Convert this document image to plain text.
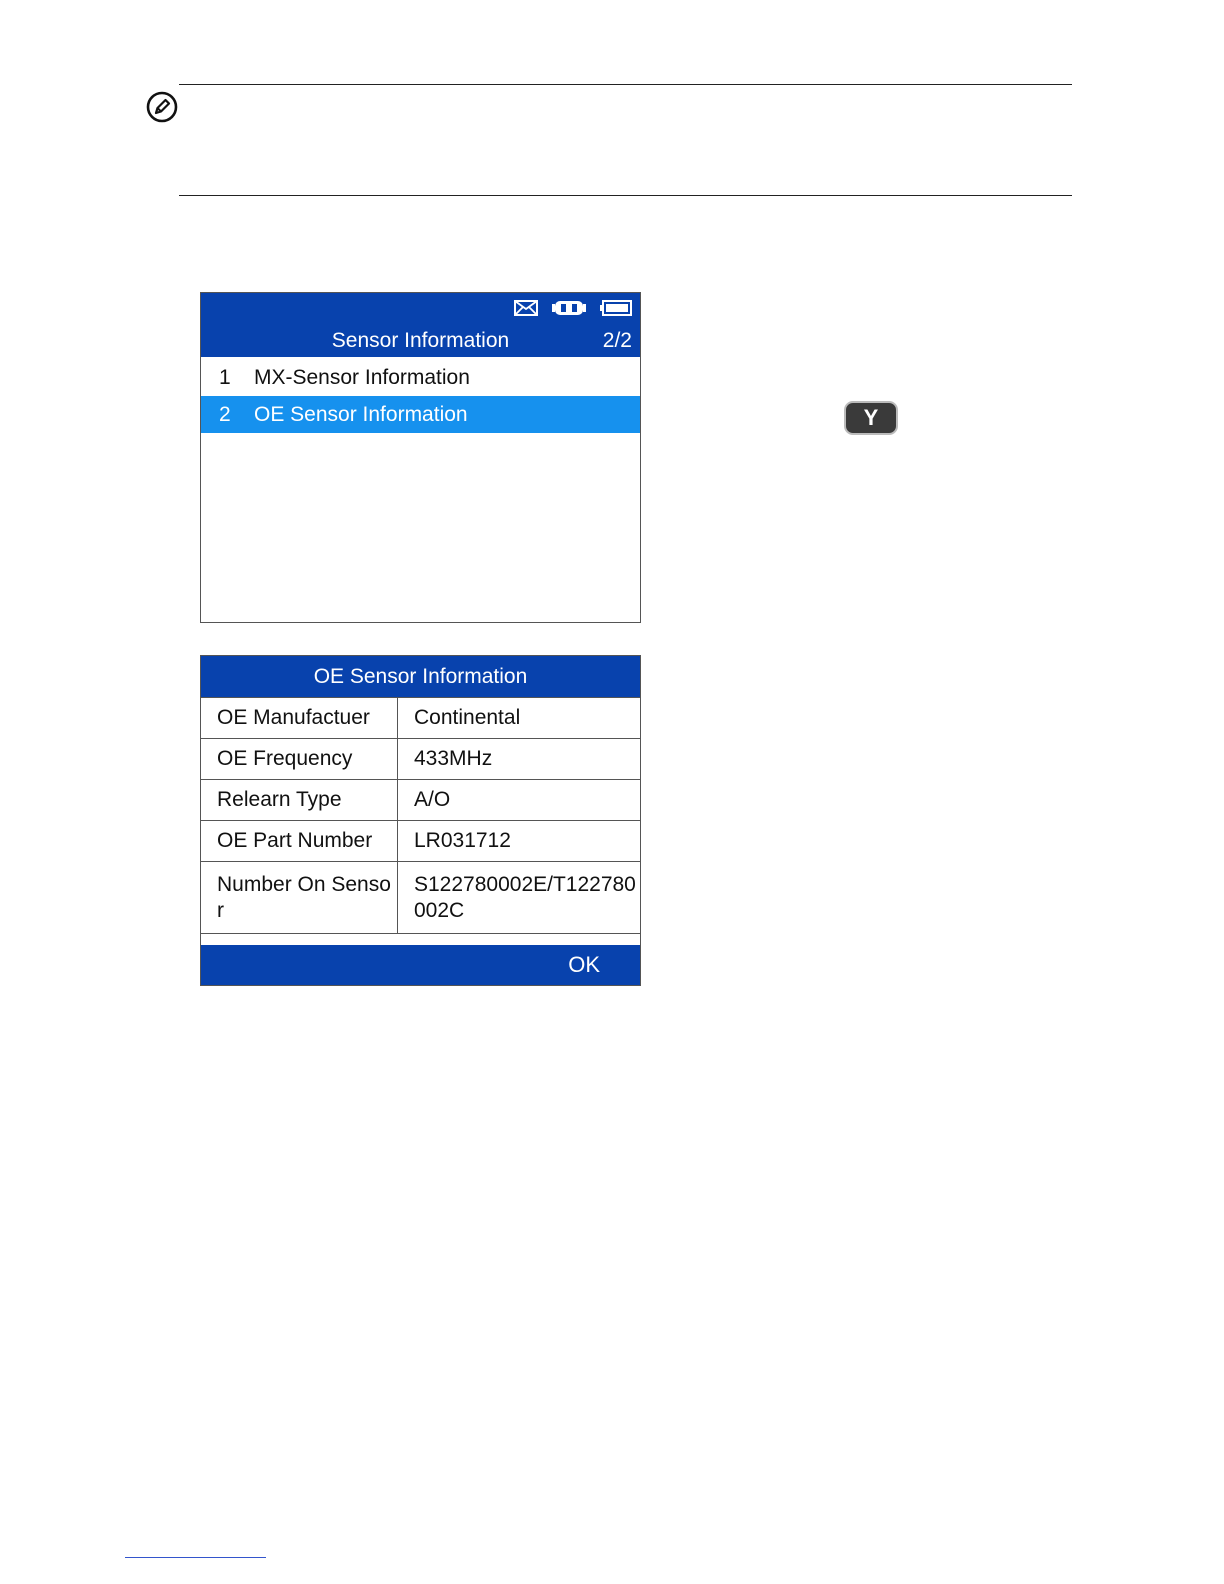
Sensor Information	2/2
1 MX-Sensor Information
2 OE Sensor Information	Y
OE Sensor Information
OE Manufactuer	Continental
OE Frequency	433MHz
Relearn Type	A/O
OE Part Number	LR031712
Number On Sensor	S122780002E/T122780002C
OK
